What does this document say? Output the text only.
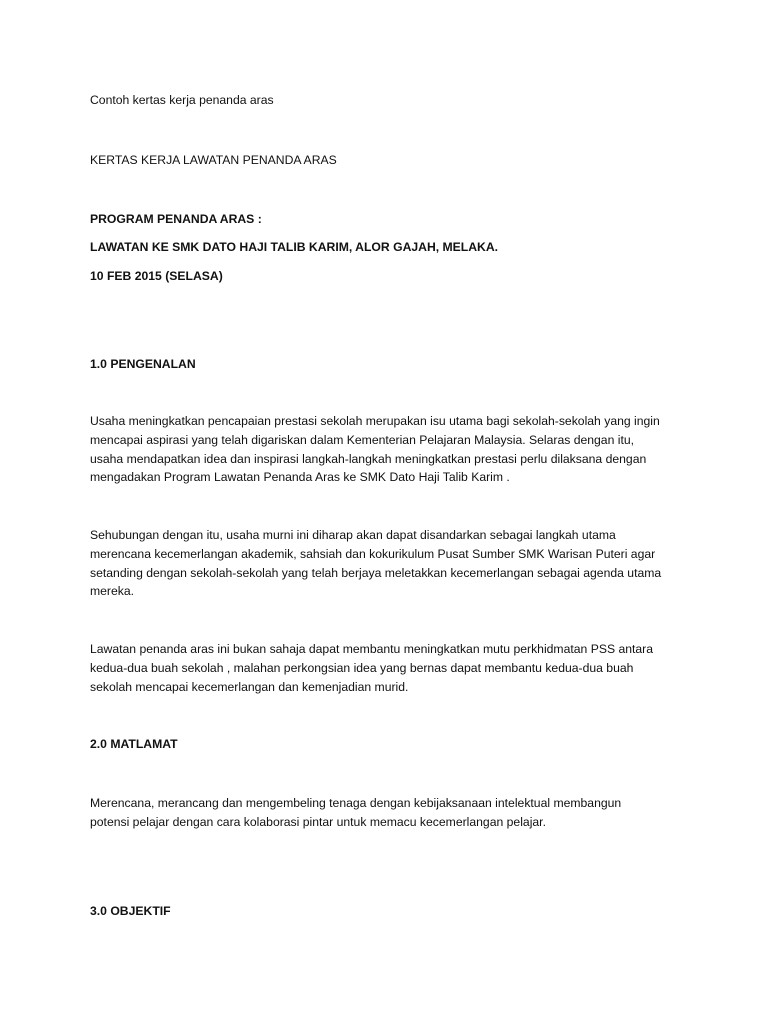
Contoh kertas kerja penanda aras

KERTAS KERJA LAWATAN PENANDA ARAS

PROGRAM PENANDA ARAS :

LAWATAN KE SMK DATO HAJI TALIB KARIM, ALOR GAJAH, MELAKA.

10 FEB 2015 (SELASA)

1.0 PENGENALAN

Usaha meningkatkan pencapaian prestasi sekolah merupakan isu utama bagi sekolah-sekolah yang ingin
mencapai aspirasi yang telah digariskan dalam Kementerian Pelajaran Malaysia. Selaras dengan itu,
usaha mendapatkan idea dan inspirasi langkah-langkah meningkatkan prestasi perlu dilaksana dengan
mengadakan Program Lawatan Penanda Aras ke SMK Dato Haji Talib Karim .
Sehubungan dengan itu, usaha murni ini diharap akan dapat disandarkan sebagai langkah utama
merencana kecemerlangan akademik, sahsiah dan kokurikulum Pusat Sumber SMK Warisan Puteri agar
setanding dengan sekolah-sekolah yang telah berjaya meletakkan kecemerlangan sebagai agenda utama
mereka.
Lawatan penanda aras ini bukan sahaja dapat membantu meningkatkan mutu perkhidmatan PSS antara
kedua-dua buah sekolah , malahan perkongsian idea yang bernas dapat membantu kedua-dua buah
sekolah mencapai kecemerlangan dan kemenjadian murid.

2.0 MATLAMAT

Merencana, merancang dan mengembeling tenaga dengan kebijaksanaan intelektual membangun
potensi pelajar dengan cara kolaborasi pintar untuk memacu kecemerlangan pelajar.

3.0 OBJEKTIF
